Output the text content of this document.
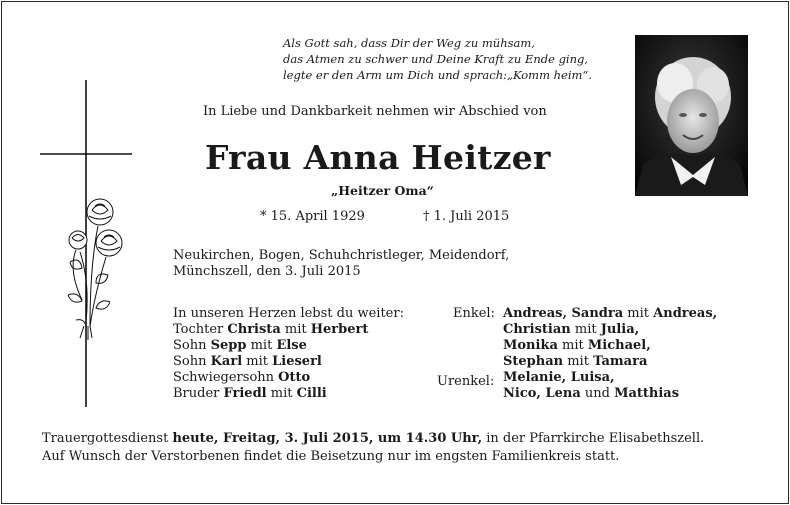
Als Gott sah, dass Dir der Weg zu mühsam,
das Atmen zu schwer und Deine Kraft zu Ende ging,
legte er den Arm um Dich und sprach:„Komm heim“.
In Liebe und Dankbarkeit nehmen wir Abschied von
Frau Anna Heitzer
„Heitzer Oma“
* 15. April 1929	† 1. Juli 2015
Neukirchen, Bogen, Schuhchristleger, Meidendorf,
Münchszell, den 3. Juli 2015
In unseren Herzen lebst du weiter:
Tochter Christa mit Herbert
Sohn Sepp mit Else
Sohn Karl mit Lieserl
Schwiegersohn Otto
Bruder Friedl mit Cilli
Enkel:
Urenkel:
Andreas, Sandra mit Andreas,
Christian mit Julia,
Monika mit Michael,
Stephan mit Tamara
Melanie, Luisa,
Nico, Lena und Matthias
Trauergottesdienst heute, Freitag, 3. Juli 2015, um 14.30 Uhr, in der Pfarrkirche Elisabethszell.
Auf Wunsch der Verstorbenen findet die Beisetzung nur im engsten Familienkreis statt.
